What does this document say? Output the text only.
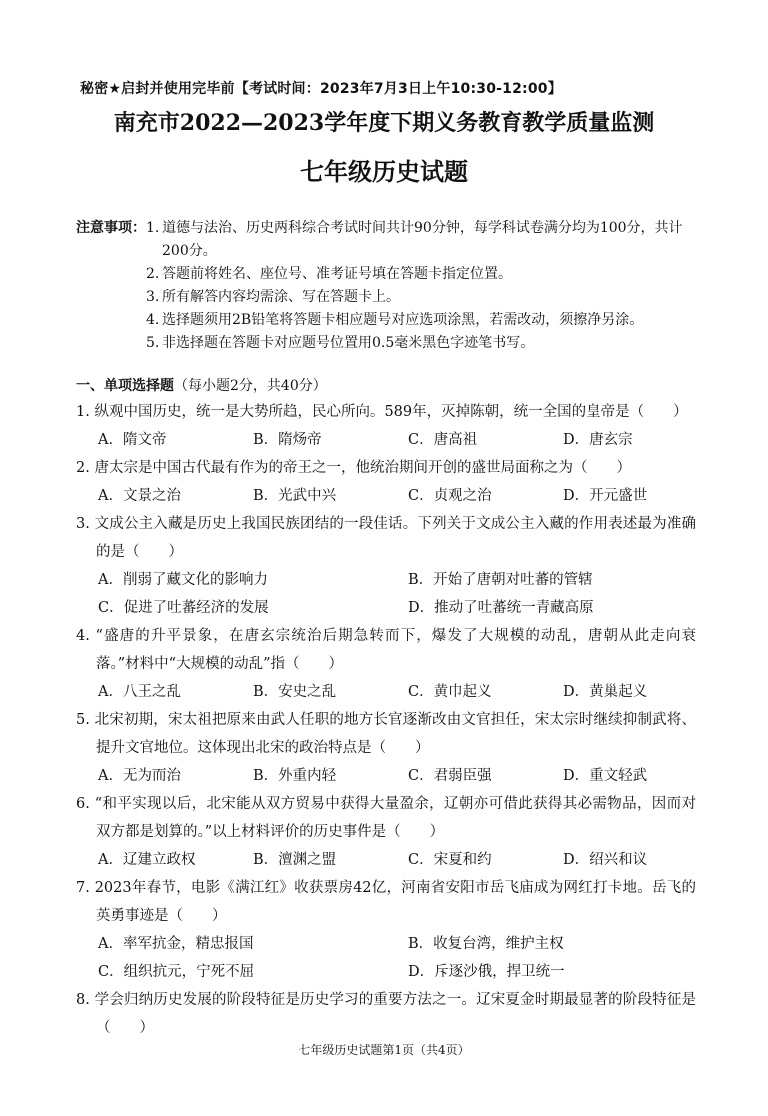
秘密★启封并使用完毕前【考试时间：2023年7月3日上午10:30-12:00】
南充市2022—2023学年度下期义务教育教学质量监测
七年级历史试题
注意事项： 1. 道德与法治、历史两科综合考试时间共计90分钟，每学科试卷满分均为100分，共计200分。
2. 答题前将姓名、座位号、准考证号填在答题卡指定位置。
3. 所有解答内容均需涂、写在答题卡上。
4. 选择题须用2B铅笔将答题卡相应题号对应选项涂黑，若需改动，须擦净另涂。
5. 非选择题在答题卡对应题号位置用0.5毫米黑色字迹笔书写。
一、单项选择题（每小题2分，共40分）
1. 纵观中国历史，统一是大势所趋，民心所向。589年，灭掉陈朝，统一全国的皇帝是（　　）
A．隋文帝	B．隋炀帝	C．唐高祖	D．唐玄宗
2. 唐太宗是中国古代最有作为的帝王之一，他统治期间开创的盛世局面称之为（　　）
A．文景之治	B．光武中兴	C．贞观之治	D．开元盛世
3. 文成公主入藏是历史上我国民族团结的一段佳话。下列关于文成公主入藏的作用表述最为准确的是（　　）
A．削弱了藏文化的影响力	B．开始了唐朝对吐蕃的管辖
C．促进了吐蕃经济的发展	D．推动了吐蕃统一青藏高原
4. “盛唐的升平景象，在唐玄宗统治后期急转而下，爆发了大规模的动乱，唐朝从此走向衰落。”材料中“大规模的动乱”指（　　）
A．八王之乱	B．安史之乱	C．黄巾起义	D．黄巢起义
5. 北宋初期，宋太祖把原来由武人任职的地方长官逐渐改由文官担任，宋太宗时继续抑制武将、提升文官地位。这体现出北宋的政治特点是（　　）
A．无为而治	B．外重内轻	C．君弱臣强	D．重文轻武
6. “和平实现以后，北宋能从双方贸易中获得大量盈余，辽朝亦可借此获得其必需物品，因而对双方都是划算的。”以上材料评价的历史事件是（　　）
A．辽建立政权	B．澶渊之盟	C．宋夏和约	D．绍兴和议
7. 2023年春节，电影《满江红》收获票房42亿，河南省安阳市岳飞庙成为网红打卡地。岳飞的英勇事迹是（　　）
A．率军抗金，精忠报国	B．收复台湾，维护主权
C．组织抗元，宁死不屈	D．斥逐沙俄，捍卫统一
8. 学会归纳历史发展的阶段特征是历史学习的重要方法之一。辽宋夏金时期最显著的阶段特征是（　　）
七年级历史试题第1页（共4页）
